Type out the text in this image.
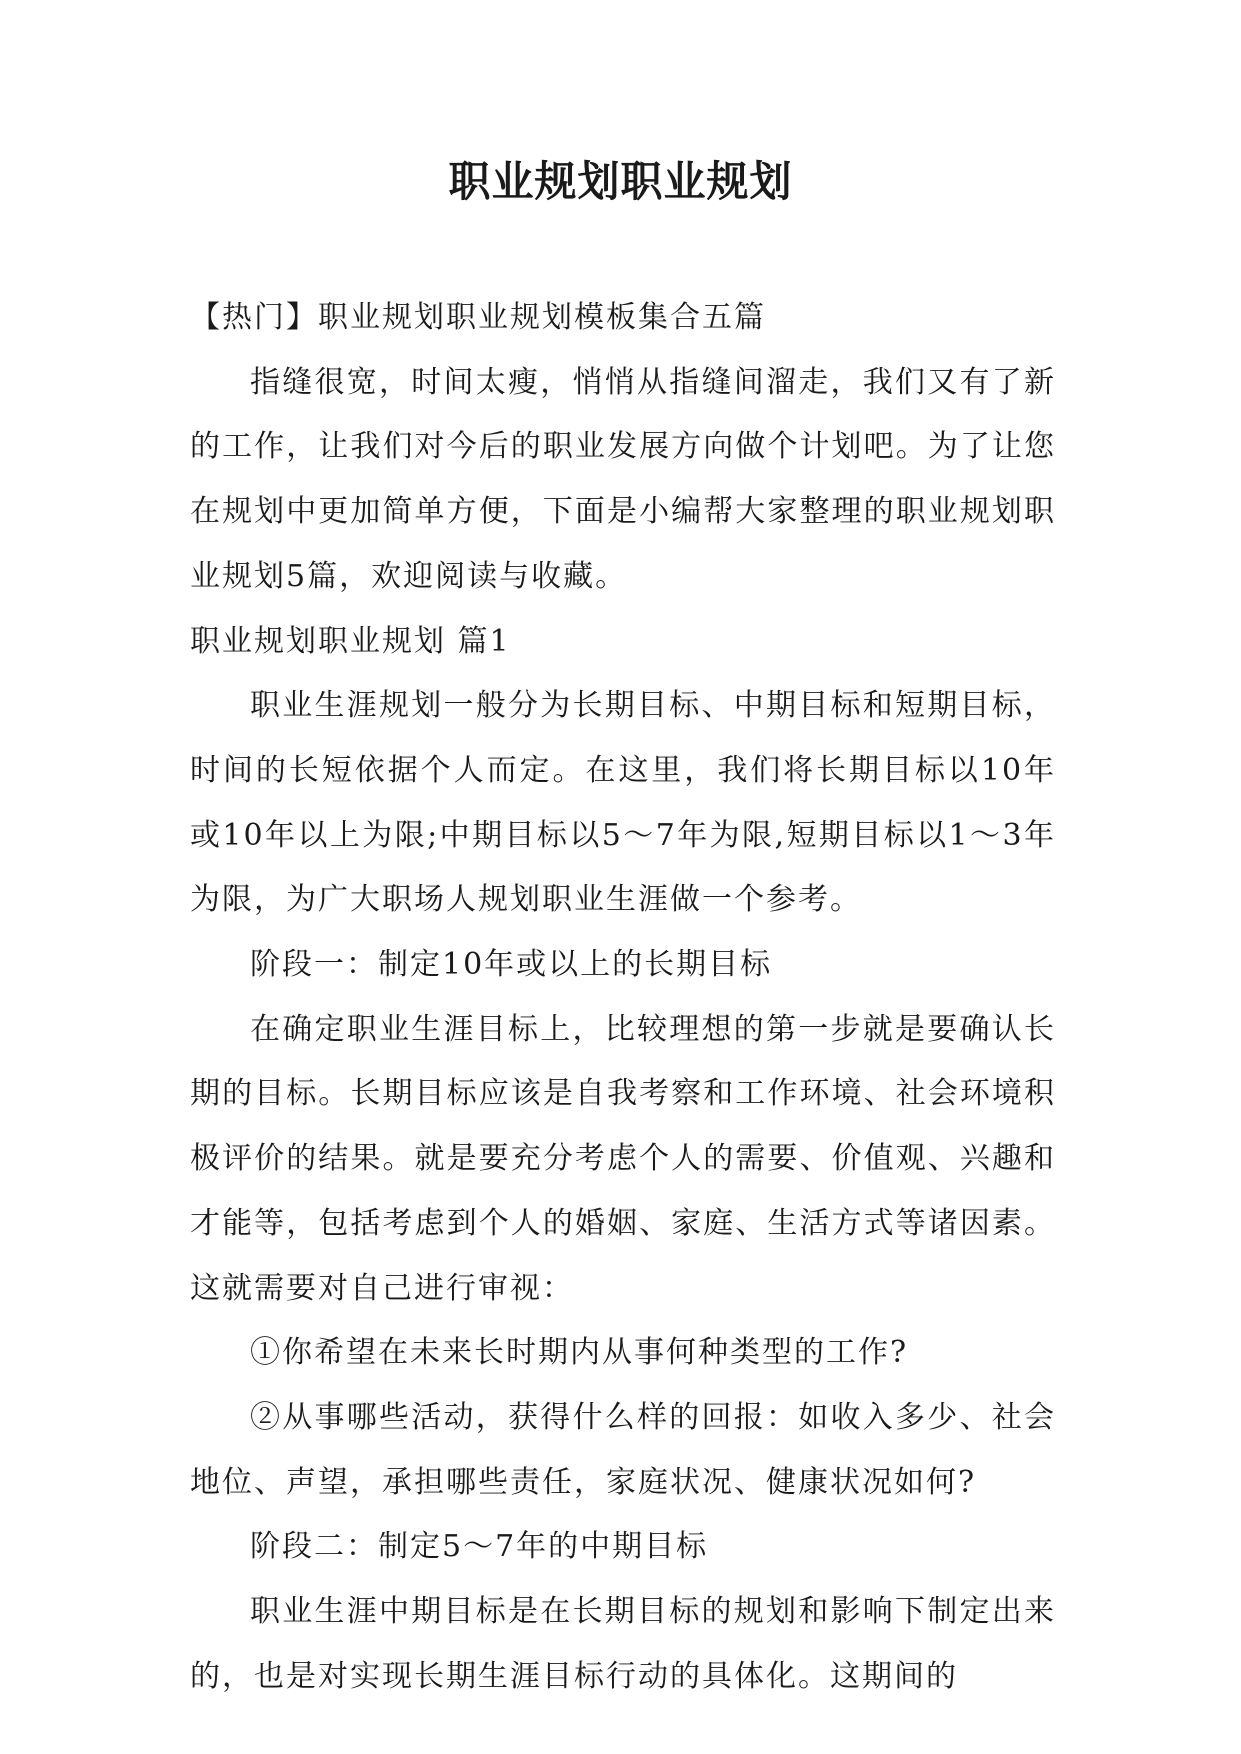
职业规划职业规划

【热门】职业规划职业规划模板集合五篇

指缝很宽，时间太瘦，悄悄从指缝间溜走，我们又有了新的工作，让我们对今后的职业发展方向做个计划吧。为了让您在规划中更加简单方便，下面是小编帮大家整理的职业规划职业规划5篇，欢迎阅读与收藏。

职业规划职业规划 篇1

职业生涯规划一般分为长期目标、中期目标和短期目标，时间的长短依据个人而定。在这里，我们将长期目标以10年或10年以上为限;中期目标以5～7年为限,短期目标以1～3年为限，为广大职场人规划职业生涯做一个参考。

阶段一：制定10年或以上的长期目标

在确定职业生涯目标上，比较理想的第一步就是要确认长期的目标。长期目标应该是自我考察和工作环境、社会环境积极评价的结果。就是要充分考虑个人的需要、价值观、兴趣和才能等，包括考虑到个人的婚姻、家庭、生活方式等诸因素。这就需要对自己进行审视：

①你希望在未来长时期内从事何种类型的工作?

②从事哪些活动，获得什么样的回报：如收入多少、社会地位、声望，承担哪些责任，家庭状况、健康状况如何?

阶段二：制定5～7年的中期目标

职业生涯中期目标是在长期目标的规划和影响下制定出来的，也是对实现长期生涯目标行动的具体化。这期间的
